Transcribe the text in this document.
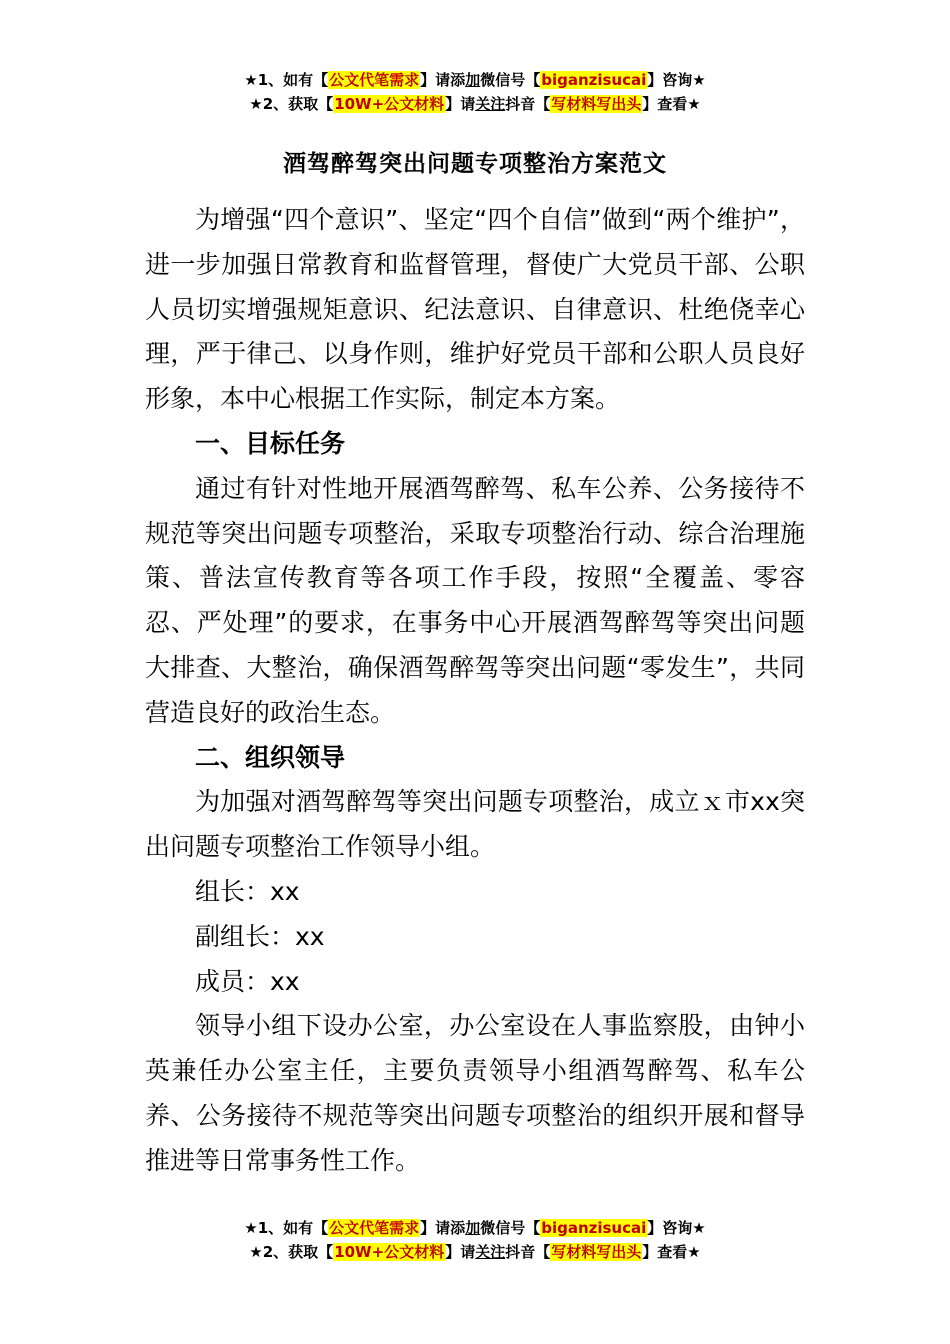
★1、如有【公文代笔需求】请添加微信号【biganzisucai】咨询★
★2、获取【10W+公文材料】请关注抖音【写材料写出头】查看★
酒驾醉驾突出问题专项整治方案范文

为增强“四个意识”、坚定“四个自信”做到“两个维护”，进一步加强日常教育和监督管理，督使广大党员干部、公职人员切实增强规矩意识、纪法意识、自律意识、杜绝侥幸心理，严于律己、以身作则，维护好党员干部和公职人员良好形象，本中心根据工作实际，制定本方案。

一、目标任务

通过有针对性地开展酒驾醉驾、私车公养、公务接待不规范等突出问题专项整治，采取专项整治行动、综合治理施策、普法宣传教育等各项工作手段，按照“全覆盖、零容忍、严处理”的要求，在事务中心开展酒驾醉驾等突出问题大排查、大整治，确保酒驾醉驾等突出问题“零发生”，共同营造良好的政治生态。

二、组织领导

为加强对酒驾醉驾等突出问题专项整治，成立ｘ市xx突出问题专项整治工作领导小组。

组长：xx

副组长：xx

成员：xx

领导小组下设办公室，办公室设在人事监察股，由钟小英兼任办公室主任，主要负责领导小组酒驾醉驾、私车公养、公务接待不规范等突出问题专项整治的组织开展和督导推进等日常事务性工作。

★1、如有【公文代笔需求】请添加微信号【biganzisucai】咨询★
★2、获取【10W+公文材料】请关注抖音【写材料写出头】查看★
